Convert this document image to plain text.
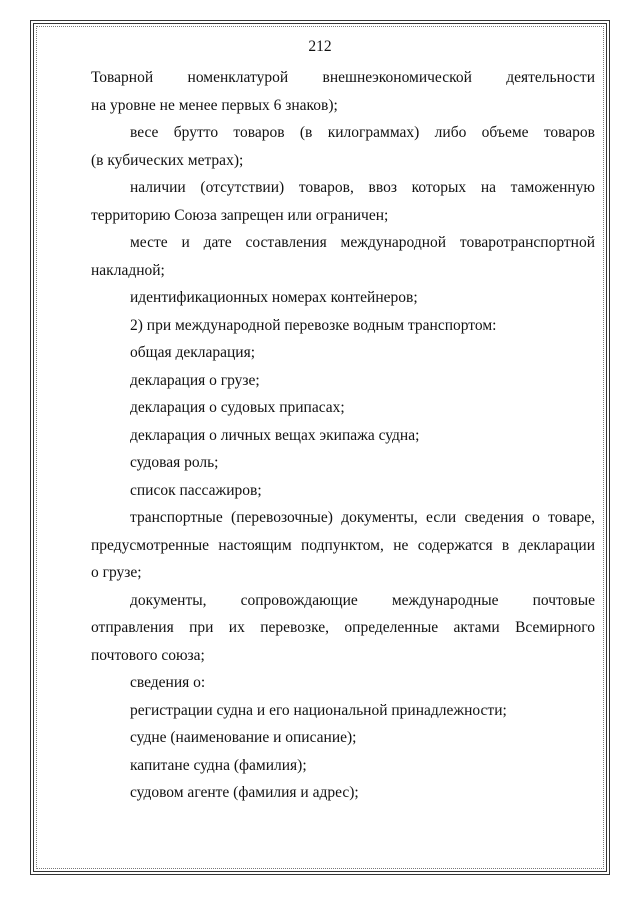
212
Товарной номенклатурой внешнеэкономической деятельности
на уровне не менее первых 6 знаков);
весе брутто товаров (в килограммах) либо объеме товаров
(в кубических метрах);
наличии (отсутствии) товаров, ввоз которых на таможенную
территорию Союза запрещен или ограничен;
месте и дате составления международной товаротранспортной
накладной;
идентификационных номерах контейнеров;
2) при международной перевозке водным транспортом:
общая декларация;
декларация о грузе;
декларация о судовых припасах;
декларация о личных вещах экипажа судна;
судовая роль;
список пассажиров;
транспортные (перевозочные) документы, если сведения о товаре,
предусмотренные настоящим подпунктом, не содержатся в декларации
о грузе;
документы, сопровождающие международные почтовые
отправления при их перевозке, определенные актами Всемирного
почтового союза;
сведения о:
регистрации судна и его национальной принадлежности;
судне (наименование и описание);
капитане судна (фамилия);
судовом агенте (фамилия и адрес);
